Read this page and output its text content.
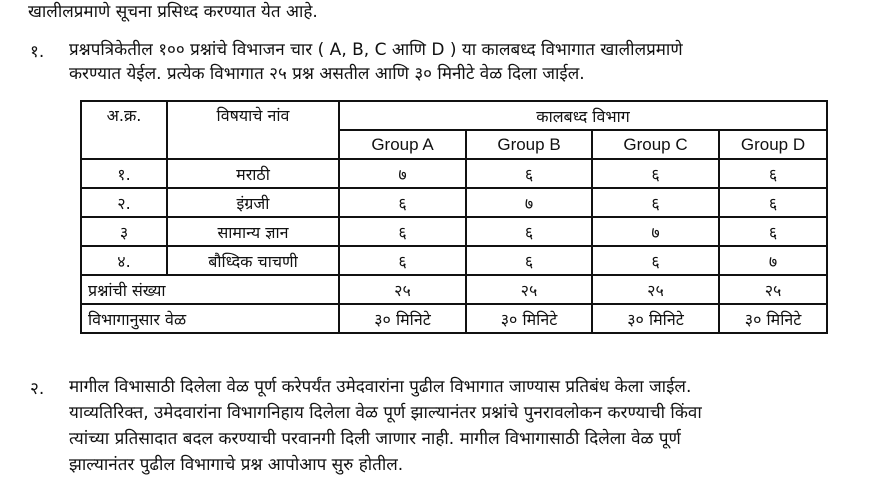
खालीलप्रमाणे सूचना प्रसिध्द करण्यात येत आहे.
१. प्रश्नपत्रिकेतील १०० प्रश्नांचे विभाजन चार ( A, B, C आणि D ) या कालबध्द विभागात खालीलप्रमाणे
करण्यात येईल. प्रत्येक विभागात २५ प्रश्न असतील आणि ३० मिनीटे वेळ दिला जाईल.
अ.क्र.	विषयाचे नांव	कालबध्द विभाग			
		Group A	Group B	Group C	Group D
१.	मराठी	७	६	६	६
२.	इंग्रजी	६	७	६	६
३	सामान्य ज्ञान	६	६	७	६
४.	बौध्दिक चाचणी	६	६	६	७
प्रश्नांची संख्या		२५	२५	२५	२५
विभागानुसार वेळ		३० मिनिटे	३० मिनिटे	३० मिनिटे	३० मिनिटे
२. मागील विभासाठी दिलेला वेळ पूर्ण करेपर्यंत उमेदवारांना पुढील विभागात जाण्यास प्रतिबंध केला जाईल.
याव्यतिरिक्त, उमेदवारांना विभागनिहाय दिलेला वेळ पूर्ण झाल्यानंतर प्रश्नांचे पुनरावलोकन करण्याची किंवा
त्यांच्या प्रतिसादात बदल करण्याची परवानगी दिली जाणार नाही. मागील विभागासाठी दिलेला वेळ पूर्ण
झाल्यानंतर पुढील विभागाचे प्रश्न आपोआप सुरु होतील.
